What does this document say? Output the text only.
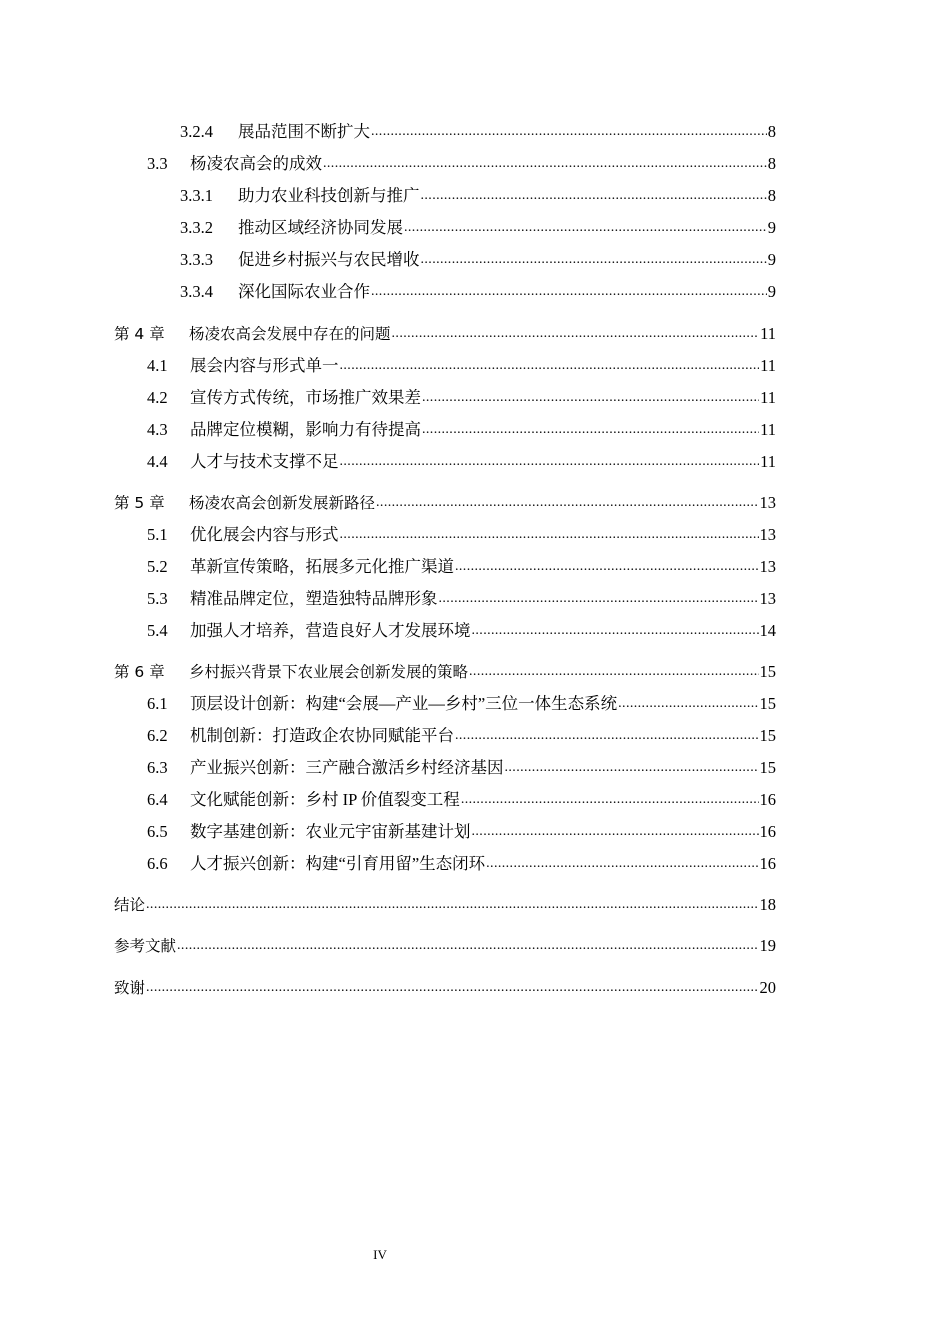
3.2.4	展品范围不断扩大 .....	8
3.3	杨凌农高会的成效 .....	8
3.3.1	助力农业科技创新与推广 .....	8
3.3.2	推动区域经济协同发展 .....	9
3.3.3	促进乡村振兴与农民增收 .....	9
3.3.4	深化国际农业合作 .....	9
第 4 章	杨凌农高会发展中存在的问题 .....	11
4.1	展会内容与形式单一 .....	11
4.2	宣传方式传统，市场推广效果差 .....	11
4.3	品牌定位模糊，影响力有待提高 .....	11
4.4	人才与技术支撑不足 .....	11
第 5 章	杨凌农高会创新发展新路径 .....	13
5.1	优化展会内容与形式 .....	13
5.2	革新宣传策略，拓展多元化推广渠道 .....	13
5.3	精准品牌定位，塑造独特品牌形象 .....	13
5.4	加强人才培养，营造良好人才发展环境 .....	14
第 6 章	乡村振兴背景下农业展会创新发展的策略 .....	15
6.1	顶层设计创新：构建“会展—产业—乡村”三位一体生态系统 .....	15
6.2	机制创新：打造政企农协同赋能平台 .....	15
6.3	产业振兴创新：三产融合激活乡村经济基因 .....	15
6.4	文化赋能创新：乡村 IP 价值裂变工程 .....	16
6.5	数字基建创新：农业元宇宙新基建计划 .....	16
6.6	人才振兴创新：构建“引育用留”生态闭环 .....	16
结论 .....	18
参考文献 .....	19
致谢 .....	20
IV
